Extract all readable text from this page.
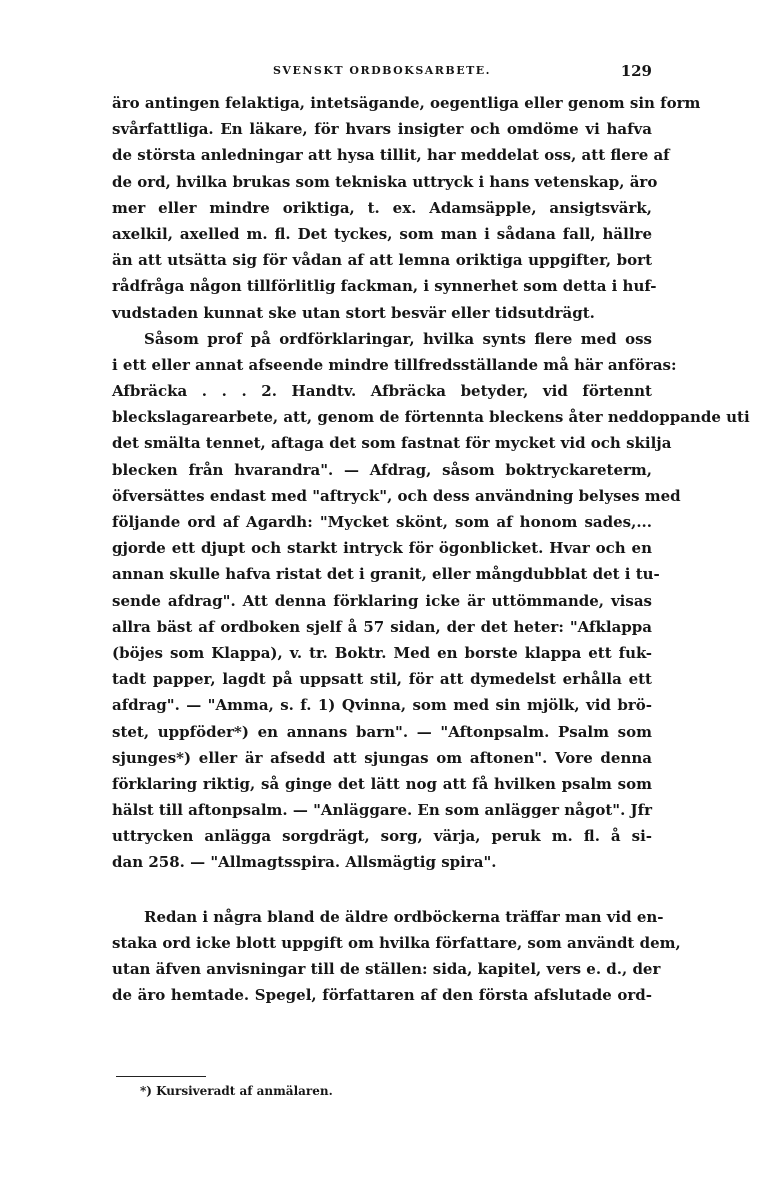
SVENSKT ORDBOKSARBETE.	129
äro antingen felaktiga, intetsägande, oegentliga eller genom sin form
svårfattliga. En läkare, för hvars insigter och omdöme vi hafva
de största anledningar att hysa tillit, har meddelat oss, att flere af
de ord, hvilka brukas som tekniska uttryck i hans vetenskap, äro
mer eller mindre oriktiga, t. ex. Adamsäpple, ansigtsvärk,
axelkil, axelled m. fl. Det tyckes, som man i sådana fall, hällre
än att utsätta sig för vådan af att lemna oriktiga uppgifter, bort
rådfråga någon tillförlitlig fackman, i synnerhet som detta i huf-
vudstaden kunnat ske utan stort besvär eller tidsutdrägt.
Såsom prof på ordförklaringar, hvilka synts flere med oss
i ett eller annat afseende mindre tillfredsställande må här anföras:
Afbräcka . . . 2. Handtv. Afbräcka betyder, vid förtennt
bleckslagarearbete, att, genom de förtennta bleckens åter neddoppande uti
det smälta tennet, aftaga det som fastnat för mycket vid och skilja
blecken från hvarandra". — Afdrag, såsom boktryckareterm,
öfversättes endast med "aftryck", och dess användning belyses med
följande ord af Agardh: "Mycket skönt, som af honom sades,...
gjorde ett djupt och starkt intryck för ögonblicket. Hvar och en
annan skulle hafva ristat det i granit, eller mångdubblat det i tu-
sende afdrag". Att denna förklaring icke är uttömmande, visas
allra bäst af ordboken sjelf å 57 sidan, der det heter: "Afklappa
(böjes som Klappa), v. tr. Boktr. Med en borste klappa ett fuk-
tadt papper, lagdt på uppsatt stil, för att dymedelst erhålla ett
afdrag". — "Amma, s. f. 1) Qvinna, som med sin mjölk, vid brö-
stet, uppföder*) en annans barn". — "Aftonpsalm. Psalm som
sjunges*) eller är afsedd att sjungas om aftonen". Vore denna
förklaring riktig, så ginge det lätt nog att få hvilken psalm som
hälst till aftonpsalm. — "Anläggare. En som anlägger något". Jfr
uttrycken anlägga sorgdrägt, sorg, värja, peruk m. fl. å si-
dan 258. — "Allmagtsspira. Allsmägtig spira".
Redan i några bland de äldre ordböckerna träffar man vid en-
staka ord icke blott uppgift om hvilka författare, som användt dem,
utan äfven anvisningar till de ställen: sida, kapitel, vers e. d., der
de äro hemtade. Spegel, författaren af den första afslutade ord-
*) Kursiveradt af anmälaren.
